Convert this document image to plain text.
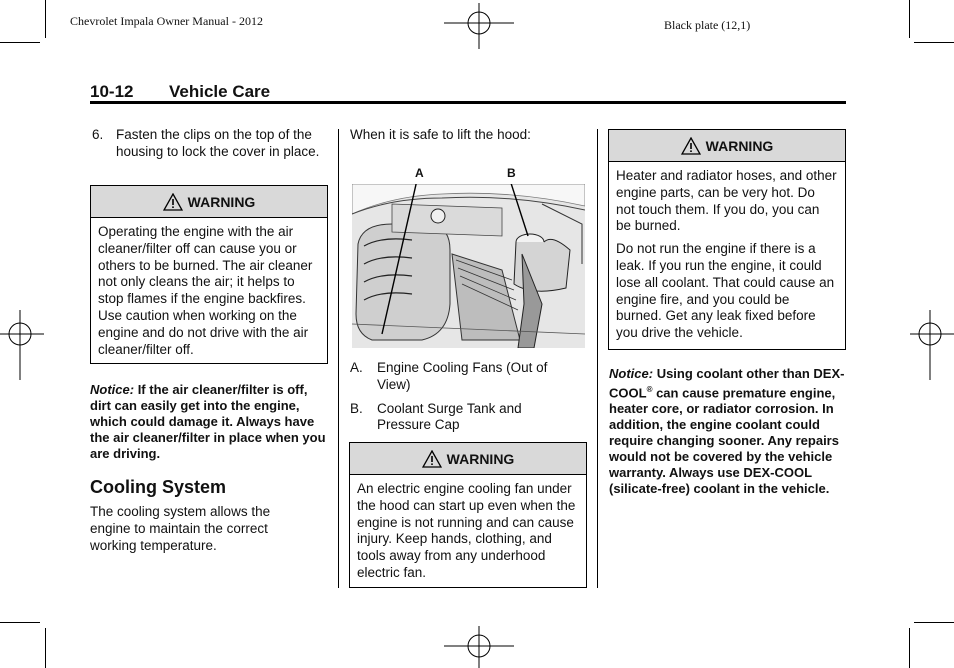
Chevrolet Impala Owner Manual - 2012	Black plate (12,1)
10-12 Vehicle Care
6. Fasten the clips on the top of the housing to lock the cover in place.
WARNING

Operating the engine with the air cleaner/filter off can cause you or others to be burned. The air cleaner not only cleans the air; it helps to stop flames if the engine backfires. Use caution when working on the engine and do not drive with the air cleaner/filter off.

Notice: If the air cleaner/filter is off, dirt can easily get into the engine, which could damage it. Always have the air cleaner/filter in place when you are driving.
Cooling System
The cooling system allows the engine to maintain the correct working temperature.
When it is safe to lift the hood:
A	B
A.	Engine Cooling Fans (Out of View)
B.	Coolant Surge Tank and Pressure Cap
WARNING

An electric engine cooling fan under the hood can start up even when the engine is not running and can cause injury. Keep hands, clothing, and tools away from any underhood electric fan.

WARNING

Heater and radiator hoses, and other engine parts, can be very hot. Do not touch them. If you do, you can be burned.

Do not run the engine if there is a leak. If you run the engine, it could lose all coolant. That could cause an engine fire, and you could be burned. Get any leak fixed before you drive the vehicle.

Notice: Using coolant other than DEX-COOL® can cause premature engine, heater core, or radiator corrosion. In addition, the engine coolant could require changing sooner. Any repairs would not be covered by the vehicle warranty. Always use DEX-COOL (silicate-free) coolant in the vehicle.
